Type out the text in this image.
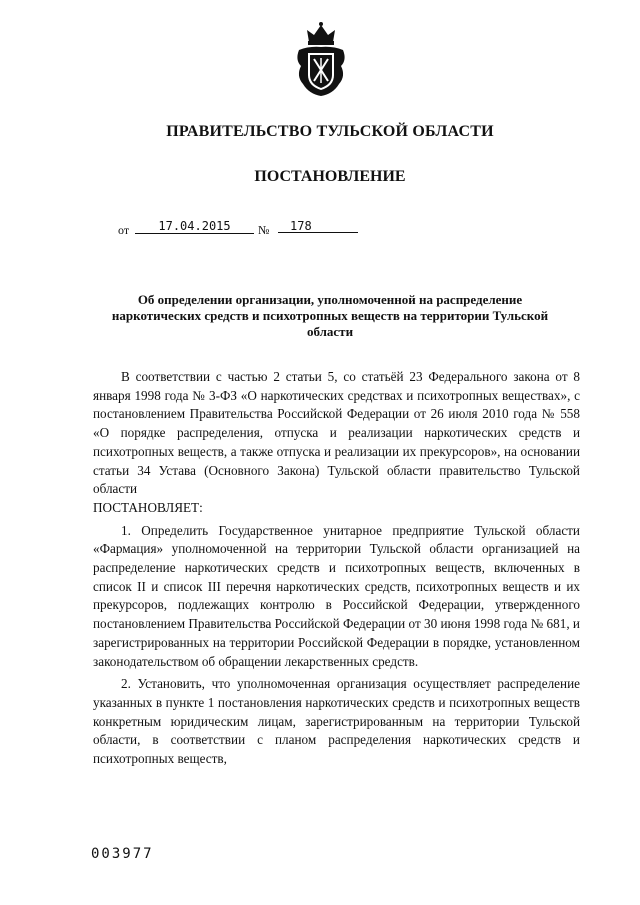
ПРАВИТЕЛЬСТВО ТУЛЬСКОЙ ОБЛАСТИ
ПОСТАНОВЛЕНИЕ
от	17.04.2015	№	178
Об определении организации, уполномоченной на распределение наркотических средств и психотропных веществ на территории Тульской области

В соответствии с частью 2 статьи 5, со статьёй 23 Федерального закона от 8 января 1998 года № 3-ФЗ «О наркотических средствах и психотропных веществах», с постановлением Правительства Российской Федерации от 26 июля 2010 года № 558 «О порядке распределения, отпуска и реализации наркотических средств и психотропных веществ, а также отпуска и реализации их прекурсоров», на основании статьи 34 Устава (Основного Закона) Тульской области правительство Тульской области

ПОСТАНОВЛЯЕТ:

1. Определить Государственное унитарное предприятие Тульской области «Фармация» уполномоченной на территории Тульской области организацией на распределение наркотических средств и психотропных веществ, включенных в список II и список III перечня наркотических средств, психотропных веществ и их прекурсоров, подлежащих контролю в Российской Федерации, утвержденного постановлением Правительства Российской Федерации от 30 июня 1998 года № 681, и зарегистрированных на территории Российской Федерации в порядке, установленном законодательством об обращении лекарственных средств.

2. Установить, что уполномоченная организация осуществляет распределение указанных в пункте 1 постановления наркотических средств и психотропных веществ конкретным юридическим лицам, зарегистрированным на территории Тульской области, в соответствии с планом распределения наркотических средств и психотропных веществ,

003977
